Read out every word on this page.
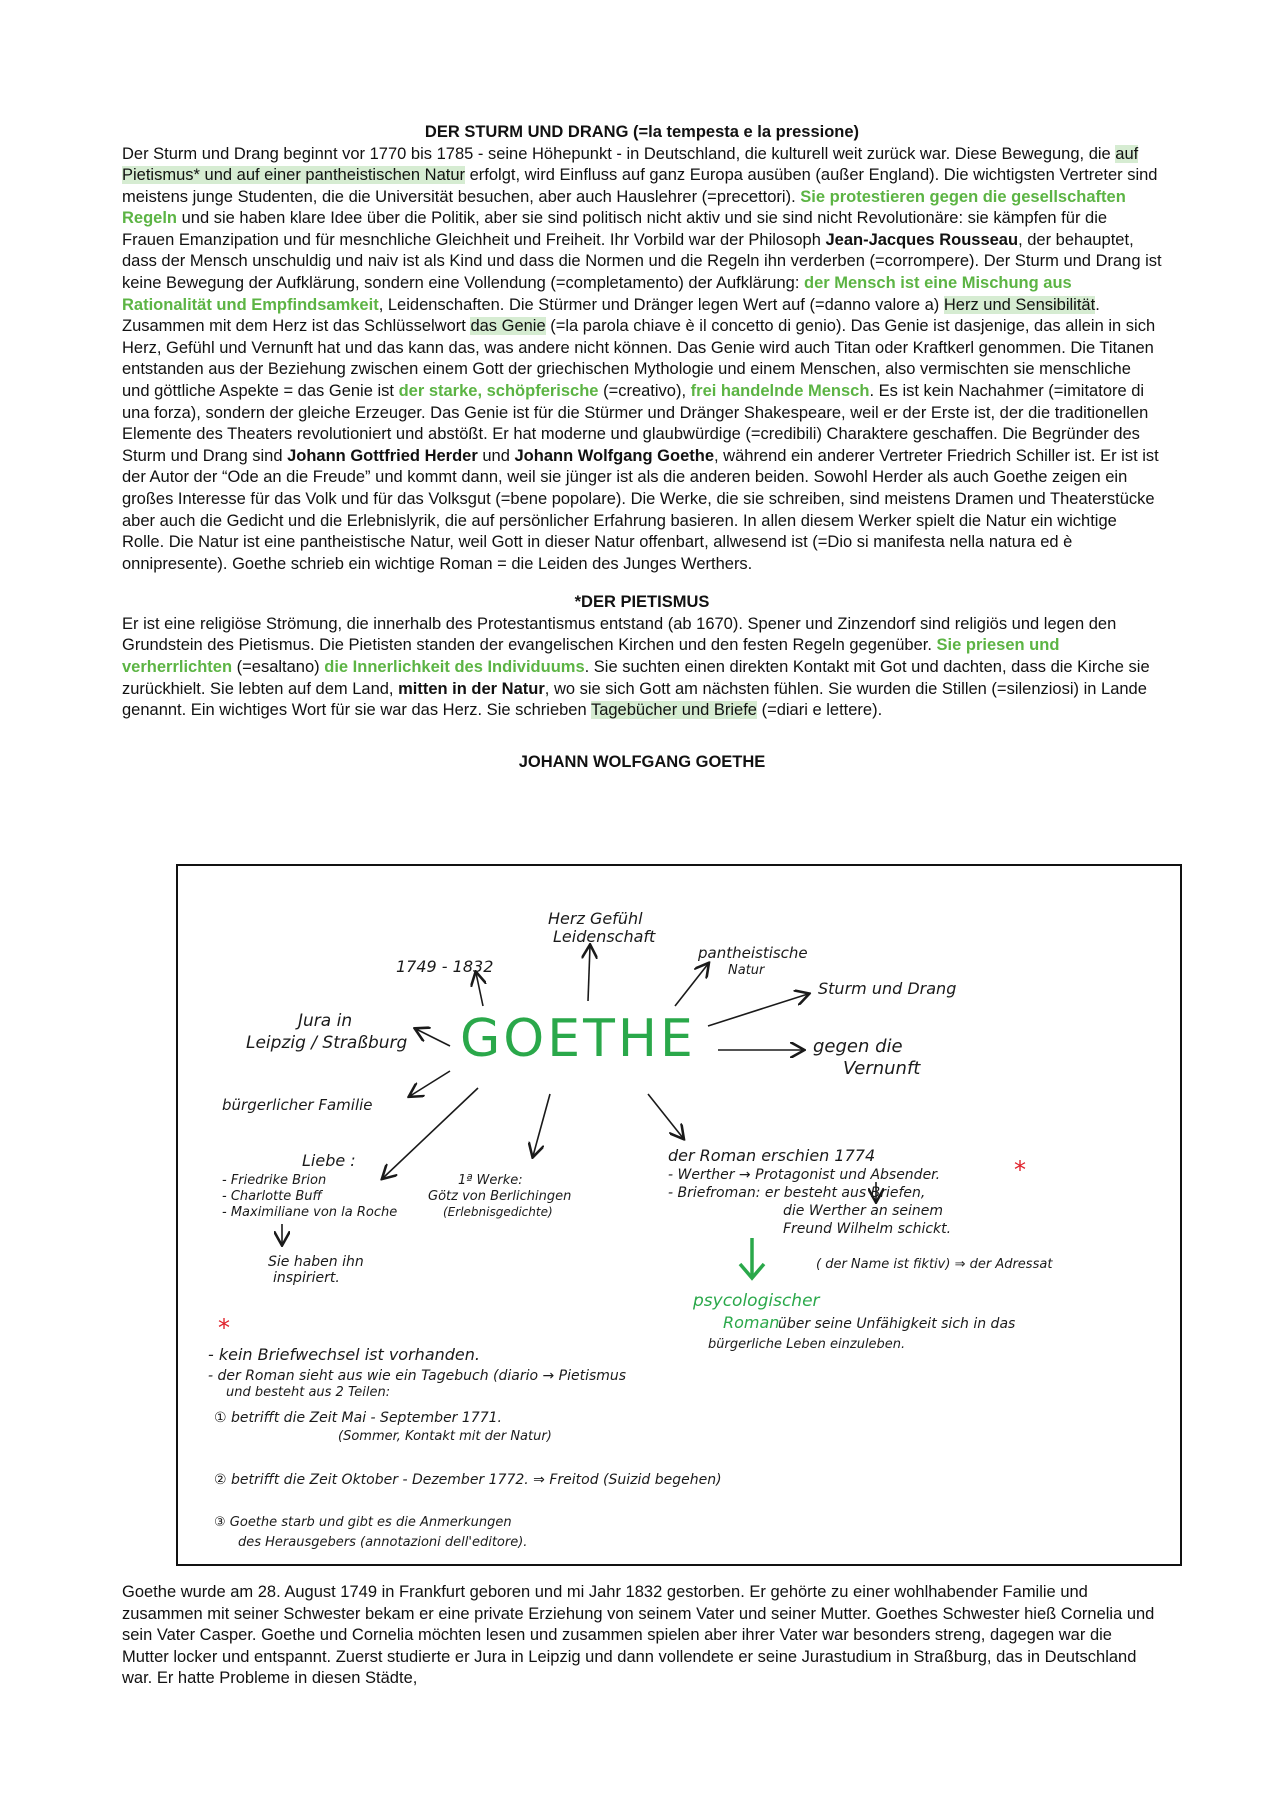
DER STURM UND DRANG (=la tempesta e la pressione)

Der Sturm und Drang beginnt vor 1770 bis 1785 - seine Höhepunkt - in Deutschland, die kulturell weit zurück war. Diese Bewegung, die auf Pietismus* und auf einer pantheistischen Natur erfolgt, wird Einfluss auf ganz Europa ausüben (außer England). Die wichtigsten Vertreter sind meistens junge Studenten, die die Universität besuchen, aber auch Hauslehrer (=precettori). Sie protestieren gegen die gesellschaften Regeln und sie haben klare Idee über die Politik, aber sie sind politisch nicht aktiv und sie sind nicht Revolutionäre: sie kämpfen für die Frauen Emanzipation und für mesnchliche Gleichheit und Freiheit. Ihr Vorbild war der Philosoph Jean-Jacques Rousseau, der behauptet, dass der Mensch unschuldig und naiv ist als Kind und dass die Normen und die Regeln ihn verderben (=corrompere). Der Sturm und Drang ist keine Bewegung der Aufklärung, sondern eine Vollendung (=completamento) der Aufklärung: der Mensch ist eine Mischung aus Rationalität und Empfindsamkeit, Leidenschaften. Die Stürmer und Dränger legen Wert auf (=danno valore a) Herz und Sensibilität. Zusammen mit dem Herz ist das Schlüsselwort das Genie (=la parola chiave è il concetto di genio). Das Genie ist dasjenige, das allein in sich Herz, Gefühl und Vernunft hat und das kann das, was andere nicht können. Das Genie wird auch Titan oder Kraftkerl genommen. Die Titanen entstanden aus der Beziehung zwischen einem Gott der griechischen Mythologie und einem Menschen, also vermischten sie menschliche und göttliche Aspekte = das Genie ist der starke, schöpferische (=creativo), frei handelnde Mensch. Es ist kein Nachahmer (=imitatore di una forza), sondern der gleiche Erzeuger. Das Genie ist für die Stürmer und Dränger Shakespeare, weil er der Erste ist, der die traditionellen Elemente des Theaters revolutioniert und abstößt. Er hat moderne und glaubwürdige (=credibili) Charaktere geschaffen. Die Begründer des Sturm und Drang sind Johann Gottfried Herder und Johann Wolfgang Goethe, während ein anderer Vertreter Friedrich Schiller ist. Er ist ist der Autor der “Ode an die Freude” und kommt dann, weil sie jünger ist als die anderen beiden. Sowohl Herder als auch Goethe zeigen ein großes Interesse für das Volk und für das Volksgut (=bene popolare). Die Werke, die sie schreiben, sind meistens Dramen und Theaterstücke aber auch die Gedicht und die Erlebnislyrik, die auf persönlicher Erfahrung basieren. In allen diesem Werker spielt die Natur ein wichtige Rolle. Die Natur ist eine pantheistische Natur, weil Gott in dieser Natur offenbart, allwesend ist (=Dio si manifesta nella natura ed è onnipresente). Goethe schrieb ein wichtige Roman = die Leiden des Junges Werthers.

*DER PIETISMUS

Er ist eine religiöse Strömung, die innerhalb des Protestantismus entstand (ab 1670). Spener und Zinzendorf sind religiös und legen den Grundstein des Pietismus. Die Pietisten standen der evangelischen Kirchen und den festen Regeln gegenüber. Sie priesen und verherrlichten (=esaltano) die Innerlichkeit des Individuums. Sie suchten einen direkten Kontakt mit Got und dachten, dass die Kirche sie zurückhielt. Sie lebten auf dem Land, mitten in der Natur, wo sie sich Gott am nächsten fühlen. Sie wurden die Stillen (=silenziosi) in Lande genannt. Ein wichtiges Wort für sie war das Herz. Sie schrieben Tagebücher und Briefe (=diari e lettere).

JOHANN WOLFGANG GOETHE
GOETHE
1749 - 1832
Herz Gefühl
Leidenschaft
pantheistische
Natur
Sturm und Drang
gegen die
Vernunft
Jura in
Leipzig / Straßburg
bürgerlicher Familie
Liebe :
- Friedrike Brion
- Charlotte Buff
- Maximiliane von la Roche
Sie haben ihn
inspiriert.
1ª Werke:
Götz von Berlichingen
(Erlebnisgedichte)
der Roman erschien 1774
- Werther → Protagonist und Absender.
- Briefroman: er besteht aus Briefen,
die Werther an seinem
Freund Wilhelm schickt.
*
( der Name ist fiktiv) ⇒ der Adressat
psycologischer
Roman
über seine Unfähigkeit sich in das
bürgerliche Leben einzuleben.
*
- kein Briefwechsel ist vorhanden.
- der Roman sieht aus wie ein Tagebuch (diario → Pietismus
und besteht aus 2 Teilen:
① betrifft die Zeit Mai - September 1771.
(Sommer, Kontakt mit der Natur)
② betrifft die Zeit Oktober - Dezember 1772. ⇒ Freitod (Suizid begehen)
③ Goethe starb und gibt es die Anmerkungen
des Herausgebers (annotazioni dell'editore).

Goethe wurde am 28. August 1749 in Frankfurt geboren und mi Jahr 1832 gestorben. Er gehörte zu einer wohlhabender Familie und zusammen mit seiner Schwester bekam er eine private Erziehung von seinem Vater und seiner Mutter. Goethes Schwester hieß Cornelia und sein Vater Casper. Goethe und Cornelia möchten lesen und zusammen spielen aber ihrer Vater war besonders streng, dagegen war die Mutter locker und entspannt. Zuerst studierte er Jura in Leipzig und dann vollendete er seine Jurastudium in Straßburg, das in Deutschland war. Er hatte Probleme in diesen Städte,
